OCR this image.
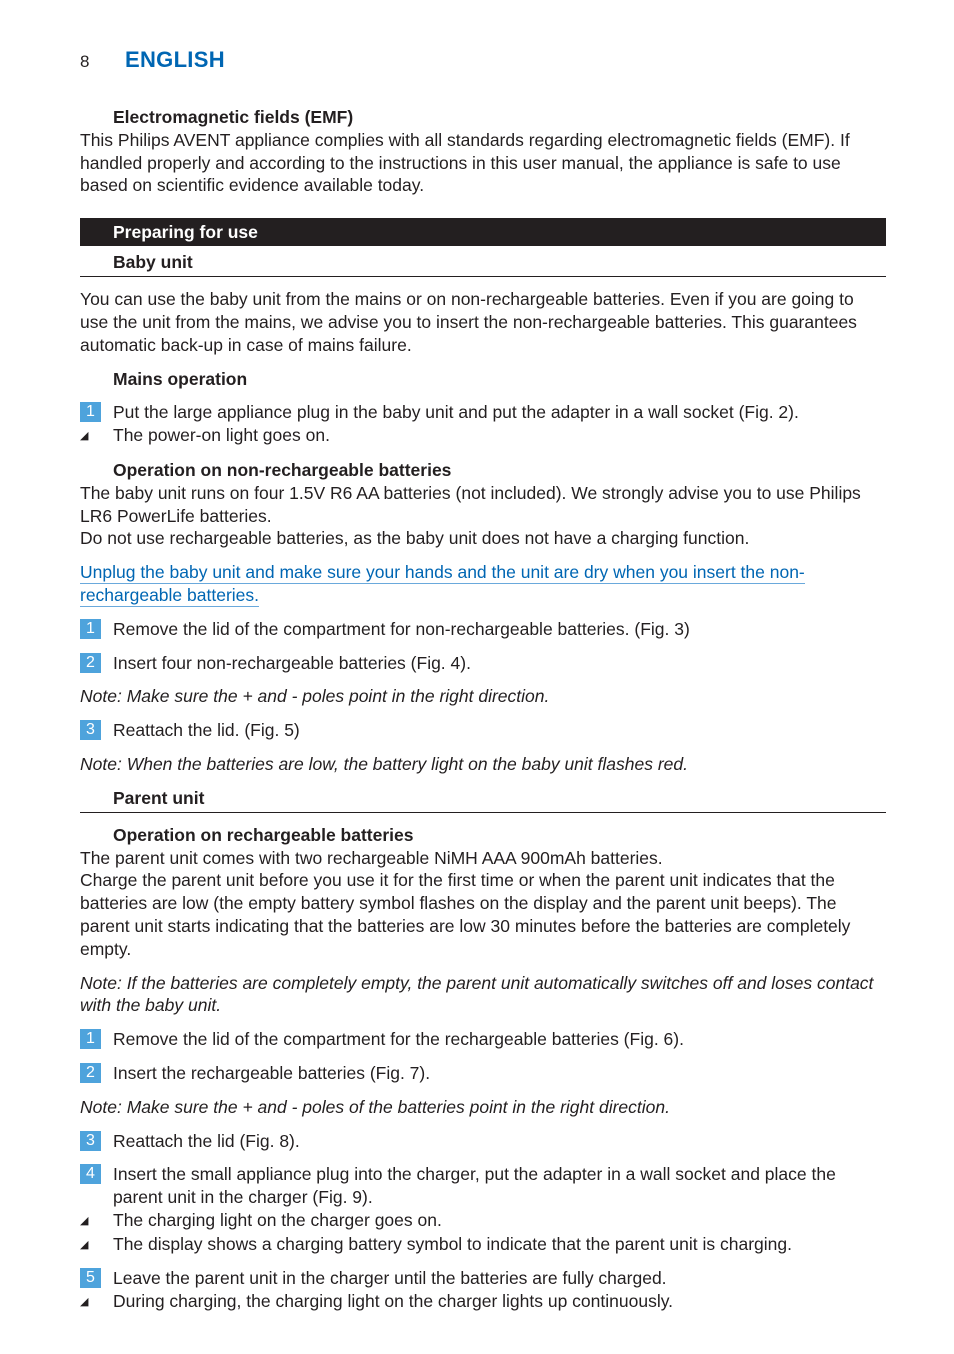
8	ENGLISH
Electromagnetic fields (EMF)

This Philips AVENT appliance complies with all standards regarding electromagnetic fields (EMF). If handled properly and according to the instructions in this user manual, the appliance is safe to use based on scientific evidence available today.

Preparing for use
Baby unit

You can use the baby unit from the mains or on non-rechargeable batteries. Even if you are going to use the unit from the mains, we advise you to insert the non-rechargeable batteries. This guarantees automatic back-up in case of mains failure.

Mains operation
1	Put the large appliance plug in the baby unit and put the adapter in a wall socket (Fig. 2).
◢	The power-on light goes on.
Operation on non-rechargeable batteries

The baby unit runs on four 1.5V R6 AA batteries (not included). We strongly advise you to use Philips LR6 PowerLife batteries.

Do not use rechargeable batteries, as the baby unit does not have a charging function.

Unplug the baby unit and make sure your hands and the unit are dry when you insert the non-
rechargeable batteries.
1	Remove the lid of the compartment for non-rechargeable batteries. (Fig. 3)
2	Insert four non-rechargeable batteries (Fig. 4).
Note: Make sure the + and - poles point in the right direction.
3	Reattach the lid. (Fig. 5)
Note: When the batteries are low, the battery light on the baby unit flashes red.
Parent unit
Operation on rechargeable batteries

The parent unit comes with two rechargeable NiMH AAA 900mAh batteries.

Charge the parent unit before you use it for the first time or when the parent unit indicates that the batteries are low (the empty battery symbol flashes on the display and the parent unit beeps). The parent unit starts indicating that the batteries are low 30 minutes before the batteries are completely empty.

Note: If the batteries are completely empty, the parent unit automatically switches off and loses contact with the baby unit.
1	Remove the lid of the compartment for the rechargeable batteries (Fig. 6).
2	Insert the rechargeable batteries (Fig. 7).
Note: Make sure the + and - poles of the batteries point in the right direction.
3	Reattach the lid (Fig. 8).
4	Insert the small appliance plug into the charger, put the adapter in a wall socket and place the parent unit in the charger (Fig. 9).
◢	The charging light on the charger goes on.
◢	The display shows a charging battery symbol to indicate that the parent unit is charging.
5	Leave the parent unit in the charger until the batteries are fully charged.
◢	During charging, the charging light on the charger lights up continuously.
